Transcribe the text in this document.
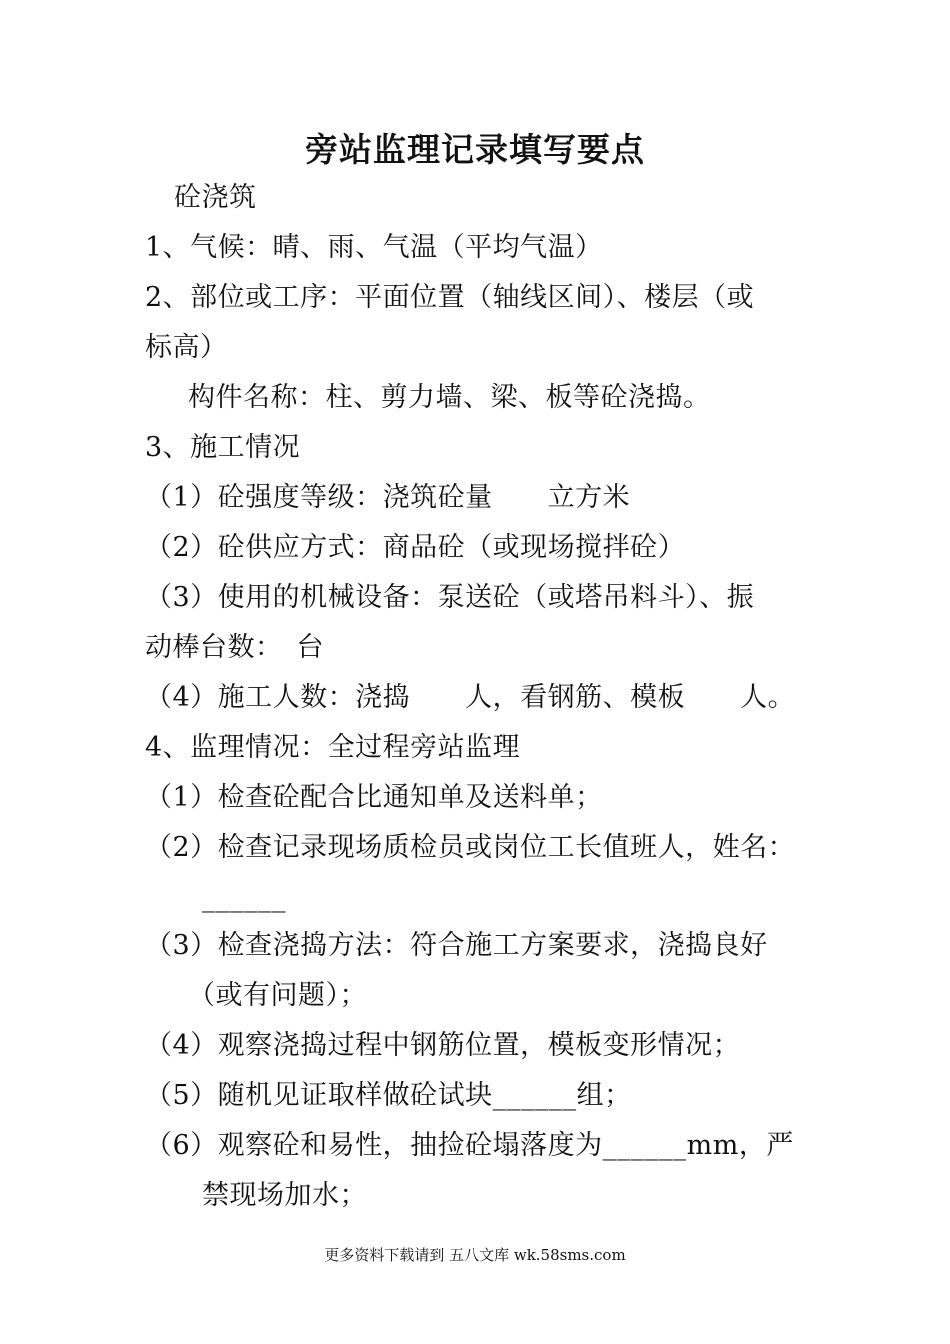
旁站监理记录填写要点
砼浇筑
1、气候：晴、雨、气温（平均气温）
2、部位或工序：平面位置（轴线区间）、楼层（或
标高）
构件名称：柱、剪力墙、梁、板等砼浇捣。
3、施工情况
（1）砼强度等级：浇筑砼量　　立方米
（2）砼供应方式：商品砼（或现场搅拌砼）
（3）使用的机械设备：泵送砼（或塔吊料斗）、振
动棒台数：　台
（4）施工人数：浇捣　　人，看钢筋、模板　　人。
4、监理情况：全过程旁站监理
（1）检查砼配合比通知单及送料单；
（2）检查记录现场质检员或岗位工长值班人，姓名：
______
（3）检查浇捣方法：符合施工方案要求，浇捣良好
（或有问题）；
（4）观察浇捣过程中钢筋位置，模板变形情况；
（5）随机见证取样做砼试块______组；
（6）观察砼和易性，抽捡砼塌落度为______mm，严
禁现场加水；
更多资料下载请到 五八文库 wk.58sms.com
